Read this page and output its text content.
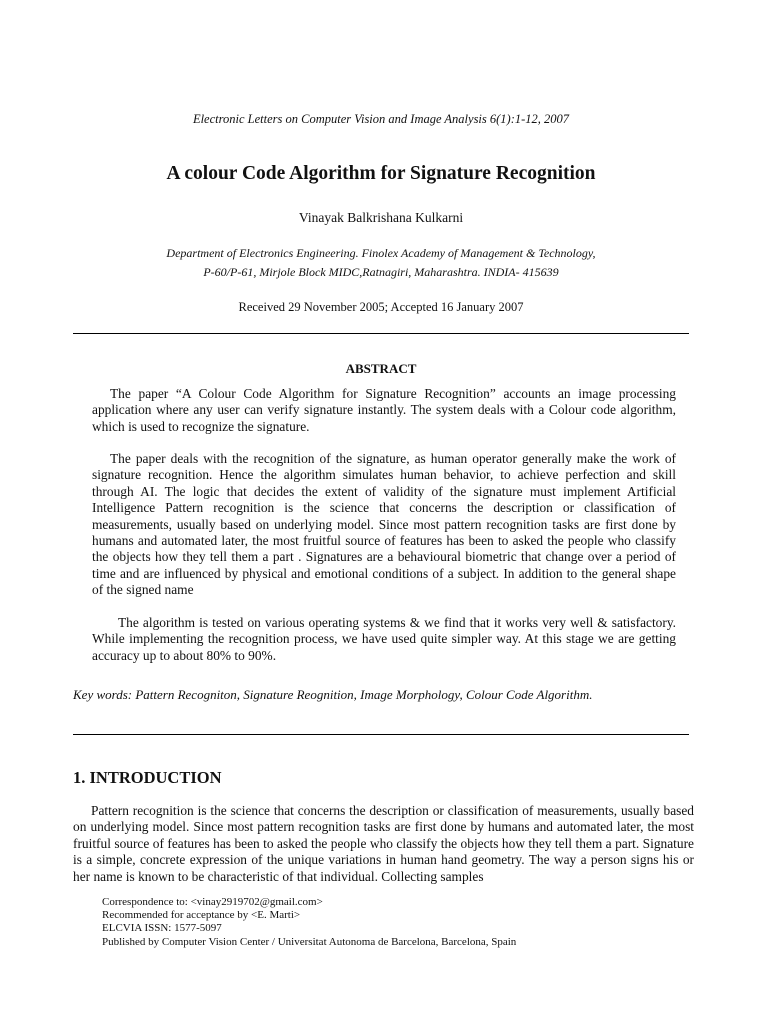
Electronic Letters on Computer Vision and Image Analysis 6(1):1-12, 2007
A colour Code Algorithm for Signature Recognition
Vinayak Balkrishana Kulkarni
Department of Electronics Engineering. Finolex Academy of Management & Technology,
P-60/P-61, Mirjole Block MIDC,Ratnagiri, Maharashtra. INDIA- 415639
Received 29 November 2005; Accepted 16 January 2007
ABSTRACT

The paper “A Colour Code Algorithm for Signature Recognition” accounts an image processing application where any user can verify signature instantly. The system deals with a Colour code algorithm, which is used to recognize the signature.

The paper deals with the recognition of the signature, as human operator generally make the work of signature recognition. Hence the algorithm simulates human behavior, to achieve perfection and skill through AI. The logic that decides the extent of validity of the signature must implement Artificial Intelligence Pattern recognition is the science that concerns the description or classification of measurements, usually based on underlying model. Since most pattern recognition tasks are first done by humans and automated later, the most fruitful source of features has been to asked the people who classify the objects how they tell them a part . Signatures are a behavioural biometric that change over a period of time and are influenced by physical and emotional conditions of a subject. In addition to the general shape of the signed name

The algorithm is tested on various operating systems & we find that it works very well & satisfactory. While implementing the recognition process, we have used quite simpler way. At this stage we are getting accuracy up to about 80% to 90%.

Key words: Pattern Recogniton, Signature Reognition, Image Morphology, Colour Code Algorithm.
1. INTRODUCTION

Pattern recognition is the science that concerns the description or classification of measurements, usually based on underlying model. Since most pattern recognition tasks are first done by humans and automated later, the most fruitful source of features has been to asked the people who classify the objects how they tell them a part. Signature is a simple, concrete expression of the unique variations in human hand geometry. The way a person signs his or her name is known to be characteristic of that individual. Collecting samples

Correspondence to: <vinay2919702@gmail.com>
Recommended for acceptance by <E. Marti>
ELCVIA ISSN: 1577-5097
Published by Computer Vision Center / Universitat Autonoma de Barcelona, Barcelona, Spain
